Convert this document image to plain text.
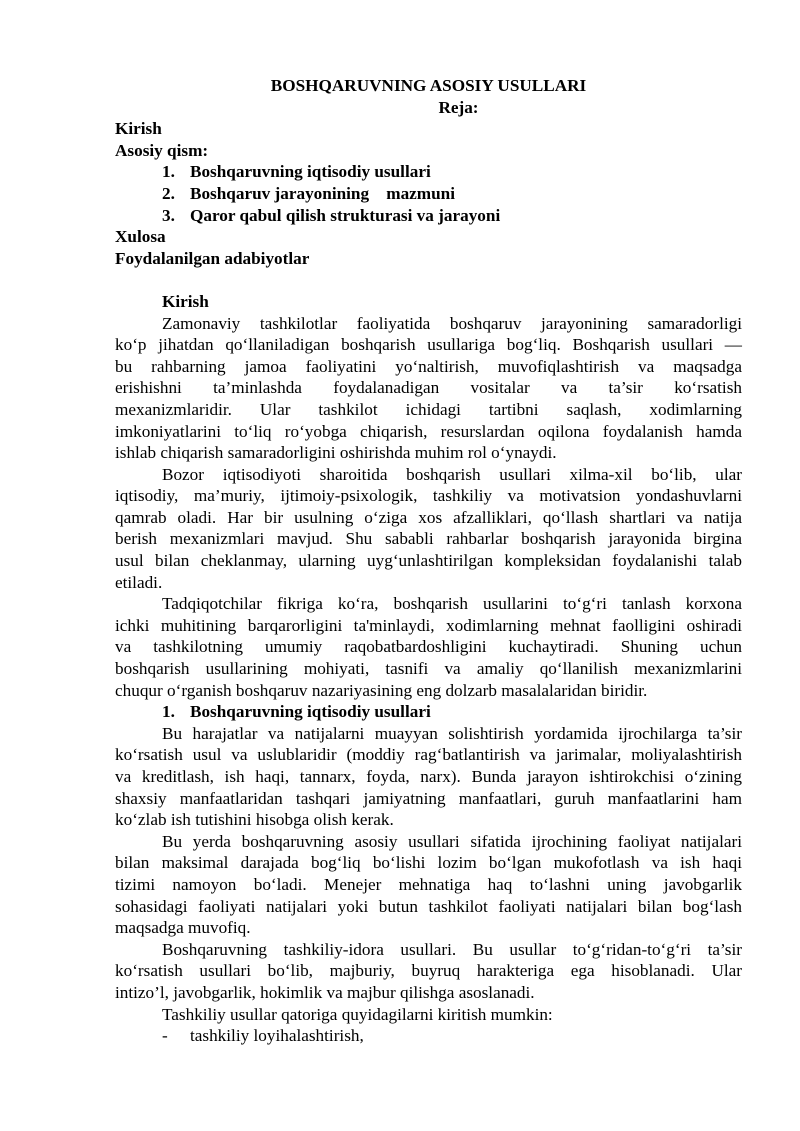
BOSHQARUVNING ASOSIY USULLARI
Reja:
Kirish
Asosiy qism:
1. Boshqaruvning iqtisodiy usullari
2. Boshqaruv jarayonining    mazmuni
3. Qaror qabul qilish strukturasi va jarayoni
Xulosa
Foydalanilgan adabiyotlar
Kirish
Zamonaviy tashkilotlar faoliyatida boshqaruv jarayonining samaradorligi
ko‘p jihatdan qo‘llaniladigan boshqarish usullariga bog‘liq. Boshqarish usullari —
bu rahbarning jamoa faoliyatini yo‘naltirish, muvofiqlashtirish va maqsadga
erishishni ta’minlashda foydalanadigan vositalar va ta’sir ko‘rsatish
mexanizmlaridir. Ular tashkilot ichidagi tartibni saqlash, xodimlarning
imkoniyatlarini to‘liq ro‘yobga chiqarish, resurslardan oqilona foydalanish hamda
ishlab chiqarish samaradorligini oshirishda muhim rol o‘ynaydi.
Bozor iqtisodiyoti sharoitida boshqarish usullari xilma-xil bo‘lib, ular
iqtisodiy, ma’muriy, ijtimoiy-psixologik, tashkiliy va motivatsion yondashuvlarni
qamrab oladi. Har bir usulning o‘ziga xos afzalliklari, qo‘llash shartlari va natija
berish mexanizmlari mavjud. Shu sababli rahbarlar boshqarish jarayonida birgina
usul bilan cheklanmay, ularning uyg‘unlashtirilgan kompleksidan foydalanishi talab
etiladi.
Tadqiqotchilar fikriga ko‘ra, boshqarish usullarini to‘g‘ri tanlash korxona
ichki muhitining barqarorligini ta'minlaydi, xodimlarning mehnat faolligini oshiradi
va tashkilotning umumiy raqobatbardoshligini kuchaytiradi. Shuning uchun
boshqarish usullarining mohiyati, tasnifi va amaliy qo‘llanilish mexanizmlarini
chuqur o‘rganish boshqaruv nazariyasining eng dolzarb masalalaridan biridir.
1. Boshqaruvning iqtisodiy usullari
Bu harajatlar va natijalarni muayyan solishtirish yordamida ijrochilarga ta’sir
ko‘rsatish usul va uslublaridir (moddiy rag‘batlantirish va jarimalar, moliyalashtirish
va kreditlash, ish haqi, tannarx, foyda, narx). Bunda jarayon ishtirokchisi o‘zining
shaxsiy manfaatlaridan tashqari jamiyatning manfaatlari, guruh manfaatlarini ham
ko‘zlab ish tutishini hisobga olish kerak.
Bu yerda boshqaruvning asosiy usullari sifatida ijrochining faoliyat natijalari
bilan maksimal darajada bog‘liq bo‘lishi lozim bo‘lgan mukofotlash va ish haqi
tizimi namoyon bo‘ladi. Menejer mehnatiga haq to‘lashni uning javobgarlik
sohasidagi faoliyati natijalari yoki butun tashkilot faoliyati natijalari bilan bog‘lash
maqsadga muvofiq.
Boshqaruvning tashkiliy-idora usullari. Bu usullar to‘g‘ridan-to‘g‘ri ta’sir
ko‘rsatish usullari bo‘lib, majburiy, buyruq harakteriga ega hisoblanadi. Ular
intizo’l, javobgarlik, hokimlik va majbur qilishga asoslanadi.
Tashkiliy usullar qatoriga quyidagilarni kiritish mumkin:
- tashkiliy loyihalashtirish,
